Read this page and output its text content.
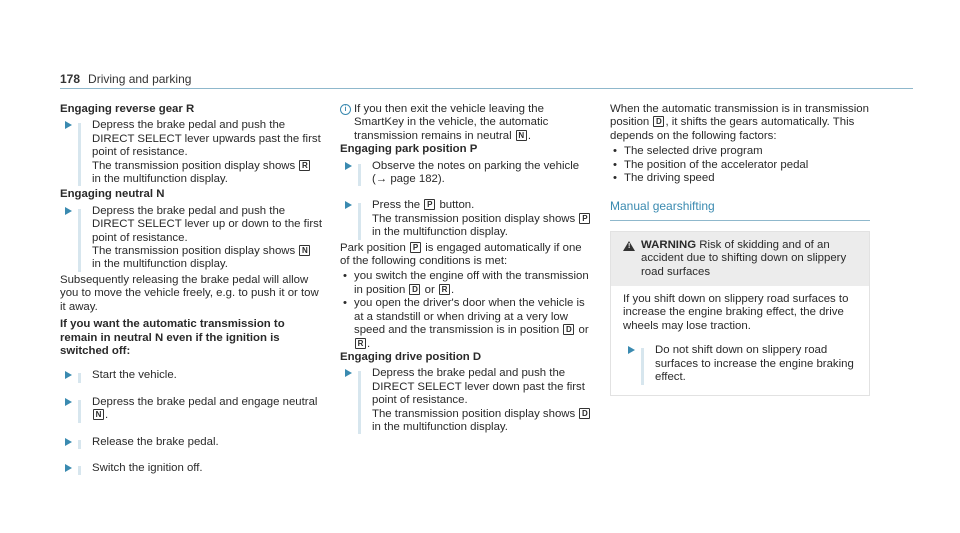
178 Driving and parking

Engaging reverse gear R

Depress the brake pedal and push the DIRECT SELECT lever upwards past the first point of resistance.

The transmission position display shows R in the multifunction display.

Engaging neutral N

Depress the brake pedal and push the DIRECT SELECT lever up or down to the first point of resistance.

The transmission position display shows N in the multifunction display.

Subsequently releasing the brake pedal will allow you to move the vehicle freely, e.g. to push it or tow it away.

If you want the automatic transmission to remain in neutral N even if the ignition is switched off:

Start the vehicle.

Depress the brake pedal and engage neutral
N .

Release the brake pedal.

Switch the ignition off.

i If you then exit the vehicle leaving the SmartKey in the vehicle, the automatic transmission remains in neutral N .

Engaging park position P

Observe the notes on parking the vehicle
(→ page 182).

Press the P button.

The transmission position display shows P in the multifunction display.

Park position P is engaged automatically if one of the following conditions is met:

• you switch the engine off with the transmission in position D or R .
• you open the driver's door when the vehicle is at a standstill or when driving at a very low speed and the transmission is in position D or R .

Engaging drive position D

Depress the brake pedal and push the DIRECT SELECT lever down past the first point of resistance.

The transmission position display shows D in the multifunction display.

When the automatic transmission is in transmission position D , it shifts the gears automatically. This depends on the following factors:

• The selected drive program
• The position of the accelerator pedal
• The driving speed
Manual gearshifting
! WARNING Risk of skidding and of an accident due to shifting down on slippery road surfaces

If you shift down on slippery road surfaces to increase the engine braking effect, the drive wheels may lose traction.

Do not shift down on slippery road surfaces to increase the engine braking effect.
